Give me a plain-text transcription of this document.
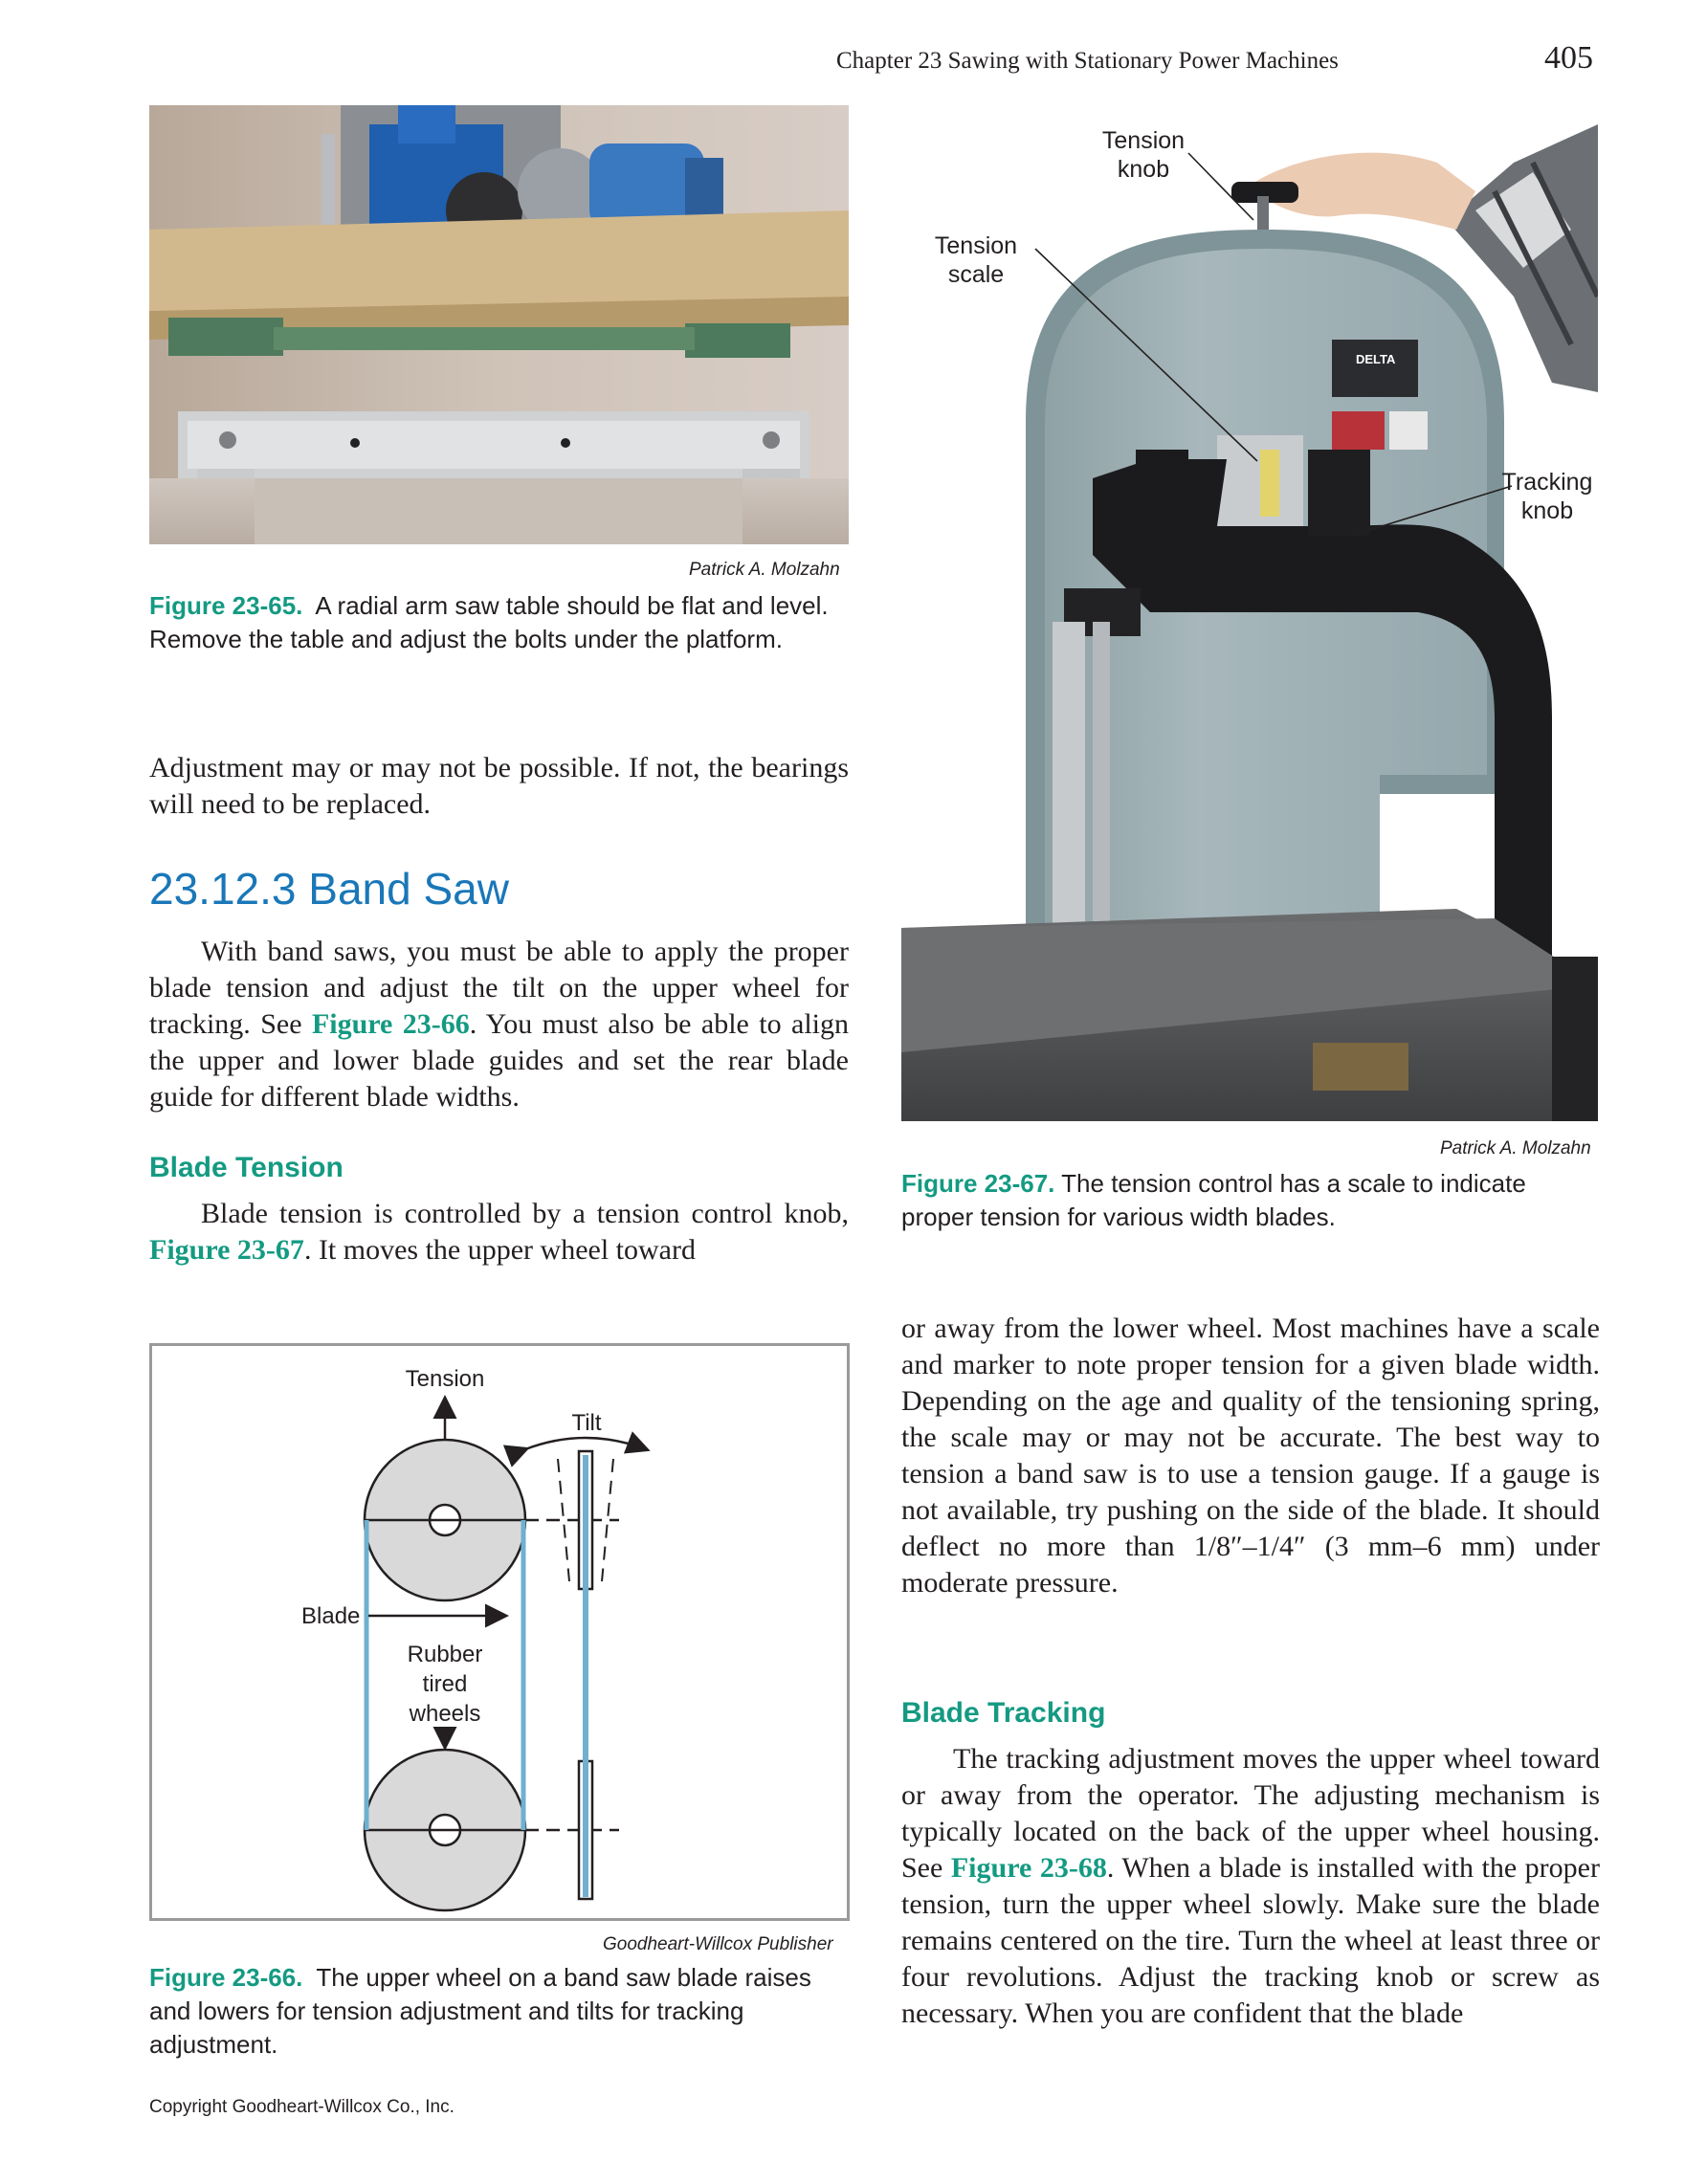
Chapter 23 Sawing with Stationary Power Machines	405
Patrick A. Molzahn
Figure 23-65. A radial arm saw table should be flat and level. Remove the table and adjust the bolts under the platform.

Adjustment may or may not be possible. If not, the bearings will need to be replaced.

23.12.3 Band Saw

With band saws, you must be able to apply the proper blade tension and adjust the tilt on the upper wheel for tracking. See Figure 23-66. You must also be able to align the upper and lower blade guides and set the rear blade guide for different blade widths.

Blade Tension

Blade tension is controlled by a tension control knob, Figure 23-67. It moves the upper wheel toward

Tension
Tilt
Blade
Rubber
tired
wheels
Goodheart-Willcox Publisher
Figure 23-66. The upper wheel on a band saw blade raises and lowers for tension adjustment and tilts for tracking adjustment.
DELTA
Tension
knob
Tension
scale
Tracking
knob
Patrick A. Molzahn
Figure 23-67. The tension control has a scale to indicate proper tension for various width blades.

or away from the lower wheel. Most machines have a scale and marker to note proper tension for a given blade width. Depending on the age and quality of the tensioning spring, the scale may or may not be accurate. The best way to tension a band saw is to use a tension gauge. If a gauge is not available, try pushing on the side of the blade. It should deflect no more than 1/8″–1/4″ (3 mm–6 mm) under moderate pressure.

Blade Tracking

The tracking adjustment moves the upper wheel toward or away from the operator. The adjusting mechanism is typically located on the back of the upper wheel housing. See Figure 23-68. When a blade is installed with the proper tension, turn the upper wheel slowly. Make sure the blade remains centered on the tire. Turn the wheel at least three or four revolutions. Adjust the tracking knob or screw as necessary. When you are confident that the blade

Copyright Goodheart-Willcox Co., Inc.
